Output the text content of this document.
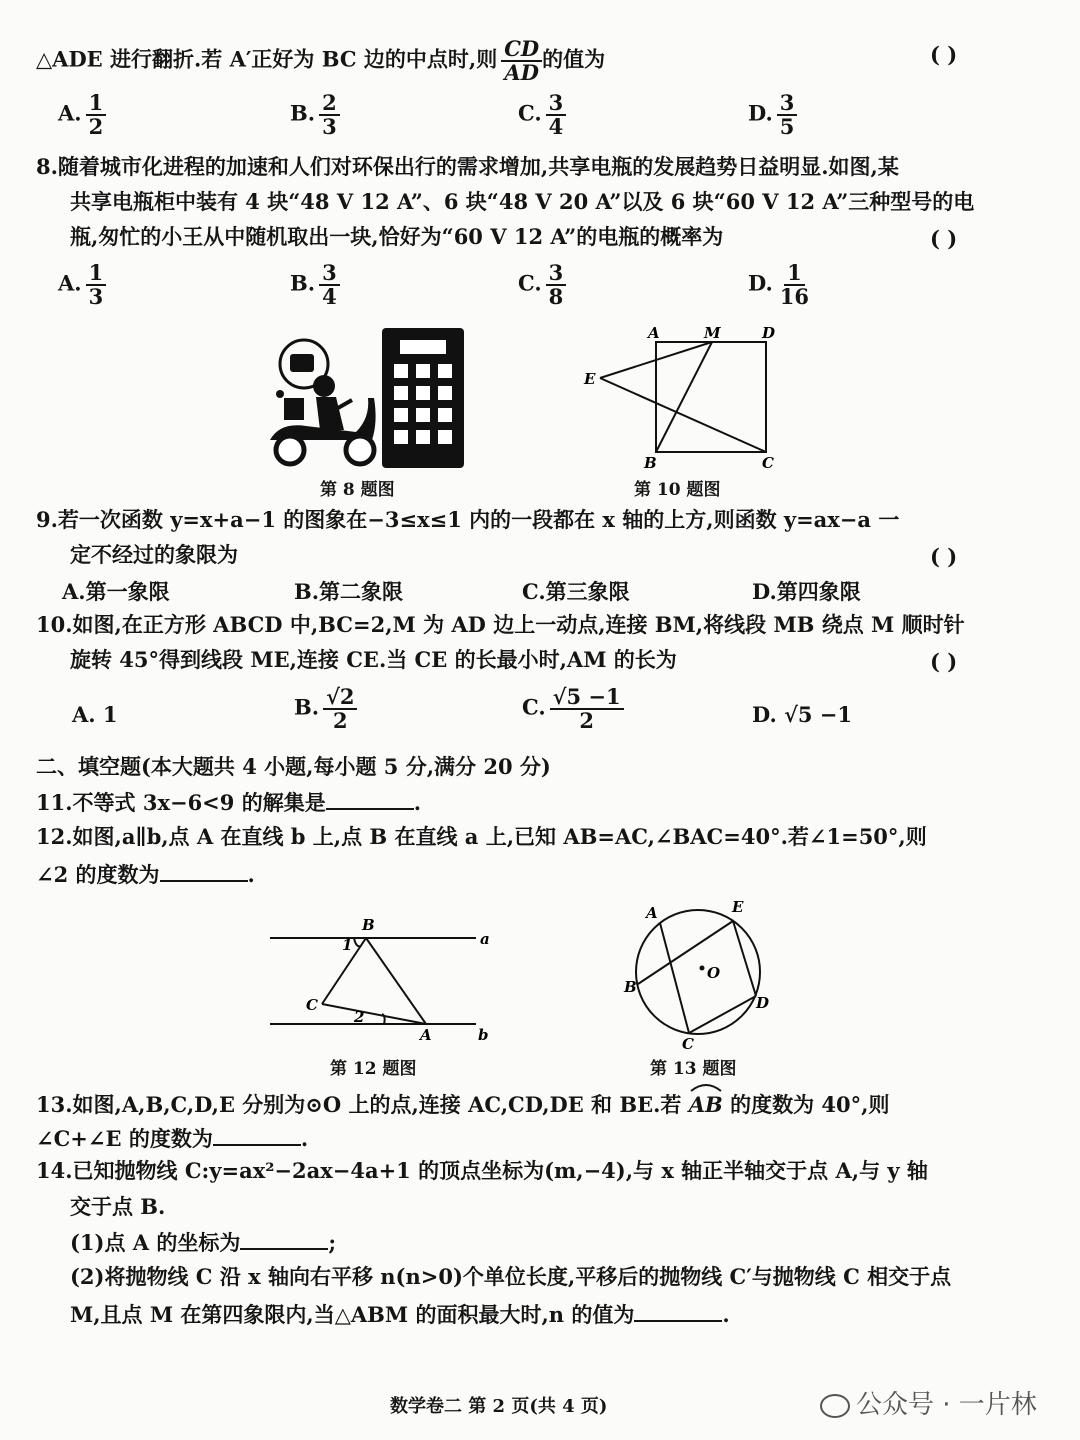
△ADE 进行翻折.若 A′正好为 BC 边的中点时,则 $\frac{CD}{AD}$ 的值为	( )
A. $\frac{1}{2}$	B. $\frac{2}{3}$	C. $\frac{3}{4}$	D. $\frac{3}{5}$
8.随着城市化进程的加速和人们对环保出行的需求增加,共享电瓶的发展趋势日益明显.如图,某
共享电瓶柜中装有 4 块“48 V 12 A”、6 块“48 V 20 A”以及 6 块“60 V 12 A”三种型号的电
瓶,匆忙的小王从中随机取出一块,恰好为“60 V 12 A”的电瓶的概率为	( )
A. $\frac{1}{3}$	B. $\frac{3}{4}$	C. $\frac{3}{8}$	D. $\frac{1}{16}$
第 8 题图
A	M	D
E
B	C
第 10 题图
9.若一次函数 y=x+a−1 的图象在−3≤x≤1 内的一段都在 x 轴的上方,则函数 y=ax−a 一
定不经过的象限为	( )
A.第一象限	B.第二象限	C.第三象限	D.第四象限
10.如图,在正方形 ABCD 中,BC=2,M 为 AD 边上一动点,连接 BM,将线段 MB 绕点 M 顺时针
旋转 45°得到线段 ME,连接 CE.当 CE 的长最小时,AM 的长为	( )
A. 1	B. $\frac{√2}{2}$	C. $\frac{√5 -1}{2}$	D. √5 −1
二、填空题(本大题共 4 小题,每小题 5 分,满分 20 分)
11.不等式 3x−6<9 的解集是	.
12.如图,a∥b,点 A 在直线 b 上,点 B 在直线 a 上,已知 AB=AC,∠BAC=40°.若∠1=50°,则
∠2 的度数为	.
B
a
1
C
2
A	b
第 12 题图
A	E
O
B
D
C
第 13 题图
13.如图,A,B,C,D,E 分别为⊙O 上的点,连接 AC,CD,DE 和 BE.若 AB 的度数为 40°,则
∠C+∠E 的度数为	.
14.已知抛物线 C:y=ax²−2ax−4a+1 的顶点坐标为(m,−4),与 x 轴正半轴交于点 A,与 y 轴
交于点 B.
(1)点 A 的坐标为	;
(2)将抛物线 C 沿 x 轴向右平移 n(n>0)个单位长度,平移后的抛物线 C′与抛物线 C 相交于点
M,且点 M 在第四象限内,当△ABM 的面积最大时,n 的值为	.
数学卷二 第 2 页(共 4 页)	公众号 · 一片林
